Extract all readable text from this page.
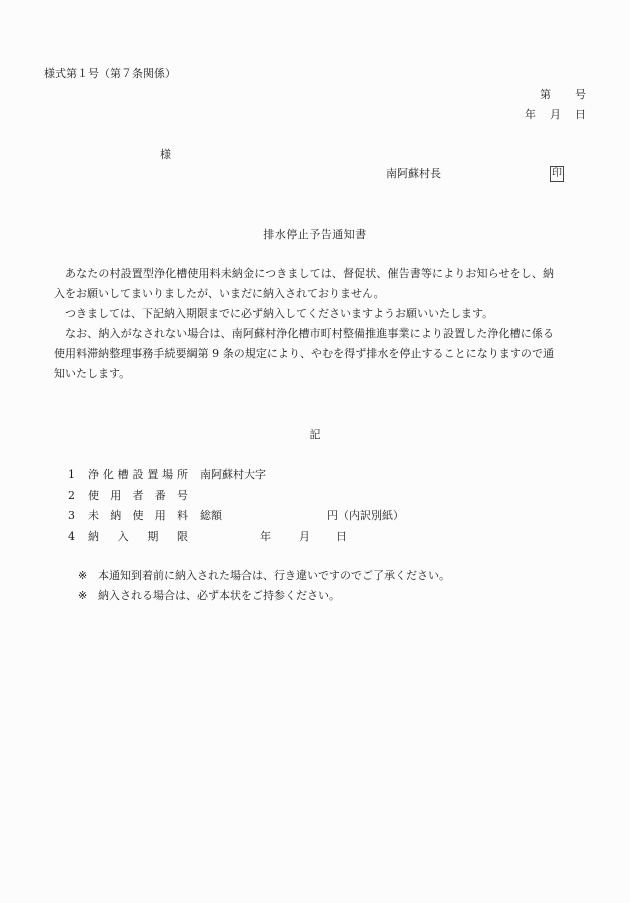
様式第１号（第７条関係）
第 号
年 月 日
様
南阿蘇村長	印
排水停止予告通知書

あなたの村設置型浄化槽使用料未納金につきましては、督促状、催告書等によりお知らせをし、納入をお願いしてまいりましたが、いまだに納入されておりません。

つきましては、下記納入期限までに必ず納入してくださいますようお願いいたします。

なお、納入がなされない場合は、南阿蘇村浄化槽市町村整備推進事業により設置した浄化槽に係る使用料滞納整理事務手続要綱第 9 条の規定により、やむを得ず排水を停止することになりますので通知いたします。

記
1	浄 化 槽 設 置 場 所 南阿蘇村大字
2	使 用 者 番 号
3	未 納 使 用 料 総額	円（内訳別紙）
4	納 入 期 限	年	月 日
※ 本通知到着前に納入された場合は、行き違いですのでご了承ください。
※ 納入される場合は、必ず本状をご持参ください。
